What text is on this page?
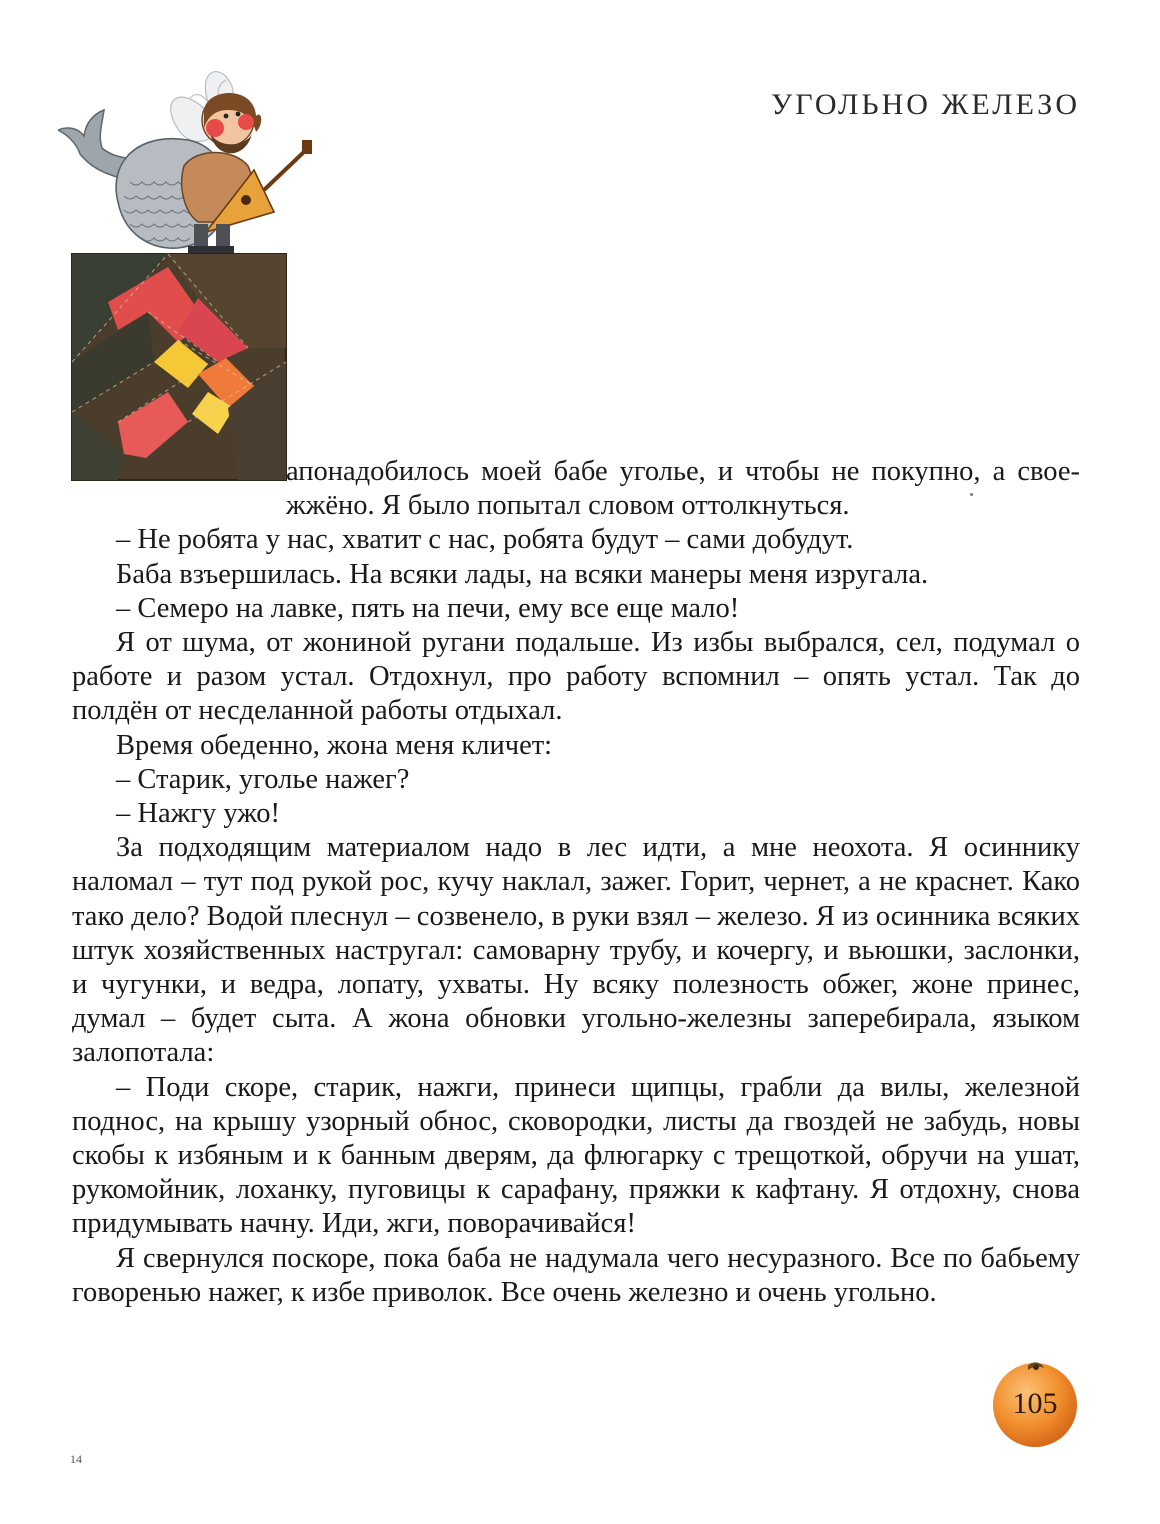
УГОЛЬНО ЖЕЛЕЗО

апонадобилось моей бабе уголье, и чтобы не покупно, а своежжёно. Я было попытал словом оттолкнуться.

– Не робята у нас, хватит с нас, робята будут – сами добудут.

Баба взъершилась. На всяки лады, на всяки манеры меня изругала.

– Семеро на лавке, пять на печи, ему все еще мало!

Я от шума, от жониной ругани подальше. Из избы выбрался, сел, подумал о работе и разом устал. Отдохнул, про работу вспомнил – опять устал. Так до полдён от несделанной работы отдыхал.

Время обеденно, жона меня кличет:

– Старик, уголье нажег?

– Нажгу ужо!

За подходящим материалом надо в лес идти, а мне неохота. Я осиннику наломал – тут под рукой рос, кучу наклал, зажег. Горит, чернет, а не краснет. Како тако дело? Водой плеснул – созвенело, в руки взял – железо. Я из осинника всяких штук хозяйственных настругал: самоварну трубу, и кочергу, и вьюшки, заслонки, и чугунки, и ведра, лопату, ухваты. Ну всяку полезность обжег, жоне принес, думал – будет сыта. А жона обновки угольно-железны заперебирала, языком залопотала:

– Поди скоре, старик, нажги, принеси щипцы, грабли да вилы, железной поднос, на крышу узорный обнос, сковородки, листы да гвоздей не забудь, новы скобы к избяным и к банным дверям, да флюгарку с трещоткой, обручи на ушат, рукомойник, лоханку, пуговицы к сарафану, пряжки к кафтану. Я отдохну, снова придумывать начну. Иди, жги, поворачивайся!

Я свернулся поскоре, пока баба не надумала чего несуразного. Все по бабьему говоренью нажег, к избе приволок. Все очень железно и очень угольно.

105
14
